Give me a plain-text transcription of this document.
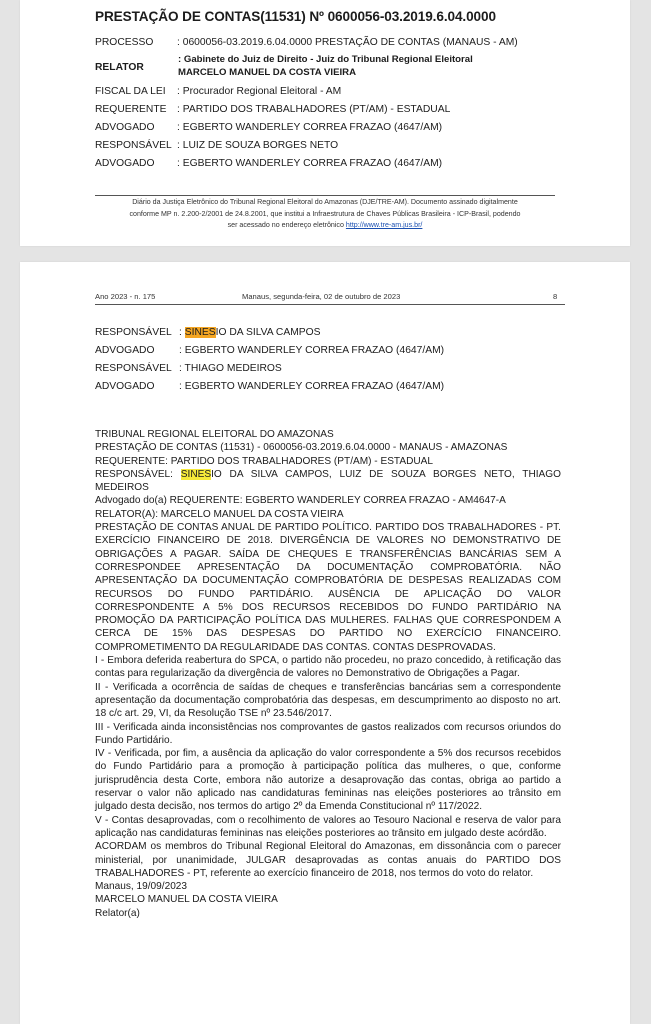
PRESTAÇÃO DE CONTAS(11531) Nº 0600056-03.2019.6.04.0000
PROCESSO : 0600056-03.2019.6.04.0000 PRESTAÇÃO DE CONTAS (MANAUS - AM)
RELATOR
: Gabinete do Juiz de Direito - Juiz do Tribunal Regional Eleitoral
MARCELO MANUEL DA COSTA VIEIRA
FISCAL DA LEI : Procurador Regional Eleitoral - AM
REQUERENTE : PARTIDO DOS TRABALHADORES (PT/AM) - ESTADUAL
ADVOGADO : EGBERTO WANDERLEY CORREA FRAZAO (4647/AM)
RESPONSÁVEL : LUIZ DE SOUZA BORGES NETO
ADVOGADO : EGBERTO WANDERLEY CORREA FRAZAO (4647/AM)
Diário da Justiça Eletrônico do Tribunal Regional Eleitoral do Amazonas (DJE/TRE-AM). Documento assinado digitalmente
conforme MP n. 2.200-2/2001 de 24.8.2001, que institui a Infraestrutura de Chaves Públicas Brasileira - ICP-Brasil, podendo
ser acessado no endereço eletrônico http://www.tre-am.jus.br/
Ano 2023 - n. 175	Manaus, segunda-feira, 02 de outubro de 2023	8
RESPONSÁVEL : SINESIO DA SILVA CAMPOS
ADVOGADO : EGBERTO WANDERLEY CORREA FRAZAO (4647/AM)
RESPONSÁVEL : THIAGO MEDEIROS
ADVOGADO : EGBERTO WANDERLEY CORREA FRAZAO (4647/AM)

TRIBUNAL REGIONAL ELEITORAL DO AMAZONAS

PRESTAÇÃO DE CONTAS (11531) - 0600056-03.2019.6.04.0000 - MANAUS - AMAZONAS

REQUERENTE: PARTIDO DOS TRABALHADORES (PT/AM) - ESTADUAL

RESPONSÁVEL: SINESIO DA SILVA CAMPOS, LUIZ DE SOUZA BORGES NETO, THIAGO MEDEIROS

Advogado do(a) REQUERENTE: EGBERTO WANDERLEY CORREA FRAZAO - AM4647-A

RELATOR(A): MARCELO MANUEL DA COSTA VIEIRA

PRESTAÇÃO DE CONTAS ANUAL DE PARTIDO POLÍTICO. PARTIDO DOS TRABALHADORES - PT. EXERCÍCIO FINANCEIRO DE 2018. DIVERGÊNCIA DE VALORES NO DEMONSTRATIVO DE OBRIGAÇÕES A PAGAR. SAÍDA DE CHEQUES E TRANSFERÊNCIAS BANCÁRIAS SEM A CORRESPONDEE APRESENTAÇÃO DA DOCUMENTAÇÃO COMPROBATÓRIA. NÃO APRESENTAÇÃO DA DOCUMENTAÇÃO COMPROBATÓRIA DE DESPESAS REALIZADAS COM RECURSOS DO FUNDO PARTIDÁRIO. AUSÊNCIA DE APLICAÇÃO DO VALOR CORRESPONDENTE A 5% DOS RECURSOS RECEBIDOS DO FUNDO PARTIDÁRIO NA PROMOÇÃO DA PARTICIPAÇÃO POLÍTICA DAS MULHERES. FALHAS QUE CORRESPONDEM A CERCA DE 15% DAS DESPESAS DO PARTIDO NO EXERCÍCIO FINANCEIRO. COMPROMETIMENTO DA REGULARIDADE DAS CONTAS. CONTAS DESPROVADAS.

I - Embora deferida reabertura do SPCA, o partido não procedeu, no prazo concedido, à retificação das contas para regularização da divergência de valores no Demonstrativo de Obrigações a Pagar.

II - Verificada a ocorrência de saídas de cheques e transferências bancárias sem a correspondente apresentação da documentação comprobatória das despesas, em descumprimento ao disposto no art. 18 c/c art. 29, VI, da Resolução TSE nº 23.546/2017.

III - Verificada ainda inconsistências nos comprovantes de gastos realizados com recursos oriundos do Fundo Partidário.

IV - Verificada, por fim, a ausência da aplicação do valor correspondente a 5% dos recursos recebidos do Fundo Partidário para a promoção à participação política das mulheres, o que, conforme jurisprudência desta Corte, embora não autorize a desaprovação das contas, obriga ao partido a reservar o valor não aplicado nas candidaturas femininas nas eleições posteriores ao trânsito em julgado desta decisão, nos termos do artigo 2º da Emenda Constitucional nº 117/2022.

V - Contas desaprovadas, com o recolhimento de valores ao Tesouro Nacional e reserva de valor para aplicação nas candidaturas femininas nas eleições posteriores ao trânsito em julgado deste acórdão.

ACORDAM os membros do Tribunal Regional Eleitoral do Amazonas, em dissonância com o parecer ministerial, por unanimidade, JULGAR desaprovadas as contas anuais do PARTIDO DOS TRABALHADORES - PT, referente ao exercício financeiro de 2018, nos termos do voto do relator.

Manaus, 19/09/2023

MARCELO MANUEL DA COSTA VIEIRA

Relator(a)
